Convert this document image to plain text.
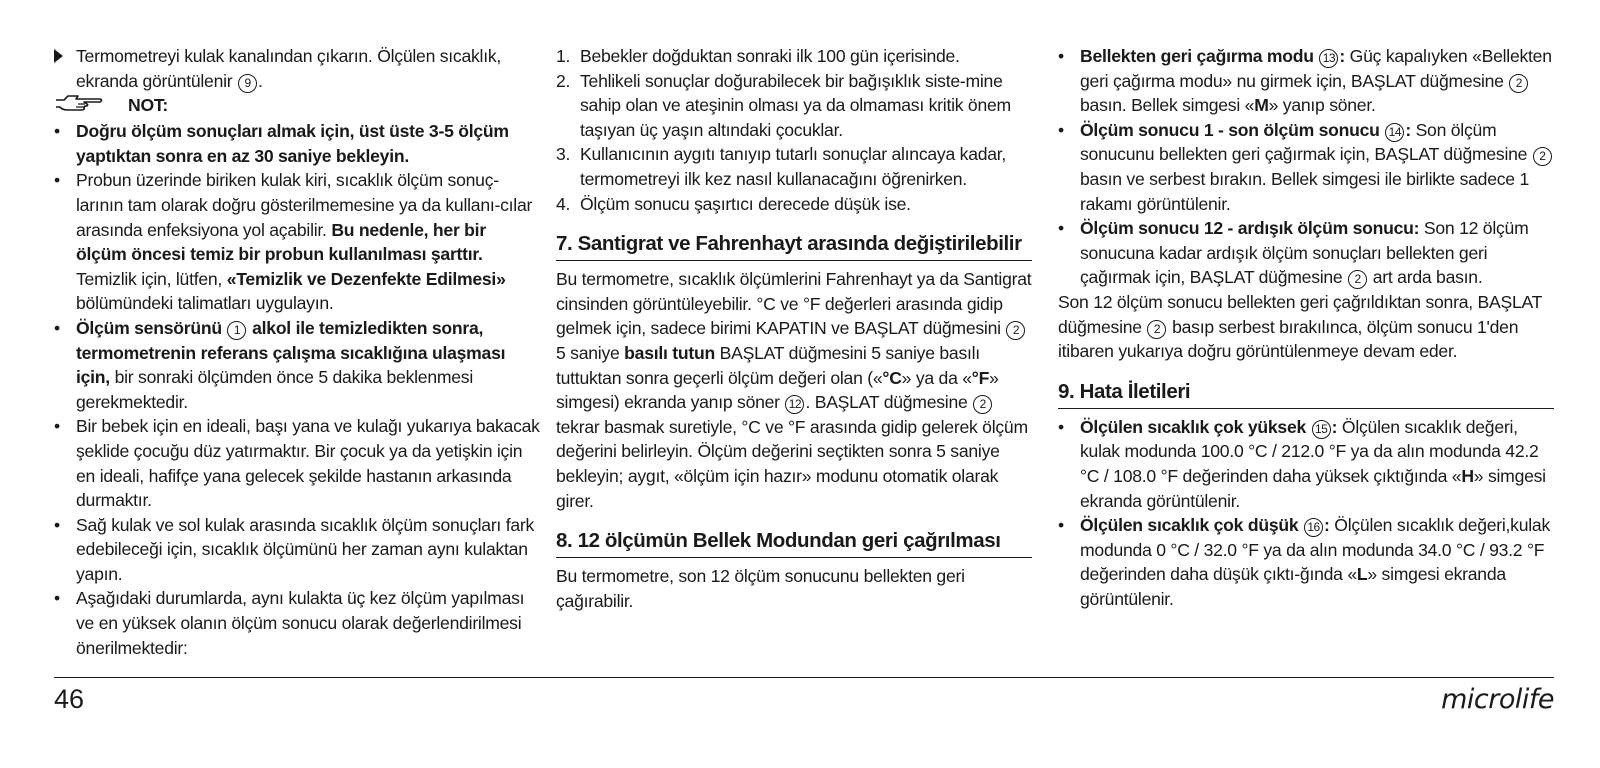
Termometreyi kulak kanalından çıkarın. Ölçülen sıcaklık, ekranda görüntülenir 9 .
NOT:
• Doğru ölçüm sonuçları almak için, üst üste 3-5 ölçüm yaptıktan sonra en az 30 saniye bekleyin.
• Probun üzerinde biriken kulak kiri, sıcaklık ölçüm sonuç-larının tam olarak doğru gösterilmemesine ya da kullanı-cılar arasında enfeksiyona yol açabilir. Bu nedenle, her bir ölçüm öncesi temiz bir probun kullanılması şarttır. Temizlik için, lütfen, «Temizlik ve Dezenfekte Edilmesi» bölümündeki talimatları uygulayın.
• Ölçüm sensörünü 1 alkol ile temizledikten sonra, termometrenin referans çalışma sıcaklığına ulaşması için, bir sonraki ölçümden önce 5 dakika beklenmesi gerekmektedir.
• Bir bebek için en ideali, başı yana ve kulağı yukarıya bakacak şeklide çocuğu düz yatırmaktır. Bir çocuk ya da yetişkin için en ideali, hafifçe yana gelecek şekilde hastanın arkasında durmaktır.
• Sağ kulak ve sol kulak arasında sıcaklık ölçüm sonuçları fark edebileceği için, sıcaklık ölçümünü her zaman aynı kulaktan yapın.
• Aşağıdaki durumlarda, aynı kulakta üç kez ölçüm yapılması ve en yüksek olanın ölçüm sonucu olarak değerlendirilmesi önerilmektedir:
1. Bebekler doğduktan sonraki ilk 100 gün içerisinde.
2. Tehlikeli sonuçlar doğurabilecek bir bağışıklık siste-mine sahip olan ve ateşinin olması ya da olmaması kritik önem taşıyan üç yaşın altındaki çocuklar.
3. Kullanıcının aygıtı tanıyıp tutarlı sonuçlar alıncaya kadar, termometreyi ilk kez nasıl kullanacağını öğrenirken.
4. Ölçüm sonucu şaşırtıcı derecede düşük ise.
7. Santigrat ve Fahrenhayt arasında değiştirilebilir

Bu termometre, sıcaklık ölçümlerini Fahrenhayt ya da Santigrat cinsinden görüntüleyebilir. °C ve °F değerleri arasında gidip gelmek için, sadece birimi KAPATIN ve BAŞLAT düğmesini 2 5 saniye basılı tutun BAŞLAT düğmesini 5 saniye basılı tuttuktan sonra geçerli ölçüm değeri olan («°C» ya da «°F» simgesi) ekranda yanıp söner 12 . BAŞLAT düğmesine 2 tekrar basmak suretiyle, °C ve °F arasında gidip gelerek ölçüm değerini belirleyin. Ölçüm değerini seçtikten sonra 5 saniye bekleyin; aygıt, «ölçüm için hazır» modunu otomatik olarak girer.

8. 12 ölçümün Bellek Modundan geri çağrılması

Bu termometre, son 12 ölçüm sonucunu bellekten geri çağırabilir.

• Bellekten geri çağırma modu 13 : Güç kapalıyken «Bellekten geri çağırma modu» nu girmek için, BAŞLAT düğmesine 2 basın. Bellek simgesi «M» yanıp söner.
• Ölçüm sonucu 1 - son ölçüm sonucu 14 : Son ölçüm sonucunu bellekten geri çağırmak için, BAŞLAT düğmesine 2 basın ve serbest bırakın. Bellek simgesi ile birlikte sadece 1 rakamı görüntülenir.
• Ölçüm sonucu 12 - ardışık ölçüm sonucu: Son 12 ölçüm sonucuna kadar ardışık ölçüm sonuçları bellekten geri çağırmak için, BAŞLAT düğmesine 2 art arda basın.

Son 12 ölçüm sonucu bellekten geri çağrıldıktan sonra, BAŞLAT düğmesine 2 basıp serbest bırakılınca, ölçüm sonucu 1'den itibaren yukarıya doğru görüntülenmeye devam eder.

9. Hata İletileri
• Ölçülen sıcaklık çok yüksek 15 : Ölçülen sıcaklık değeri, kulak modunda 100.0 °C / 212.0 °F ya da alın modunda 42.2 °C / 108.0 °F değerinden daha yüksek çıktığında «H» simgesi ekranda görüntülenir.
• Ölçülen sıcaklık çok düşük 16 : Ölçülen sıcaklık değeri,kulak modunda 0 °C / 32.0 °F ya da alın modunda 34.0 °C / 93.2 °F değerinden daha düşük çıktı-ğında «L» simgesi ekranda görüntülenir.
46	microlife
